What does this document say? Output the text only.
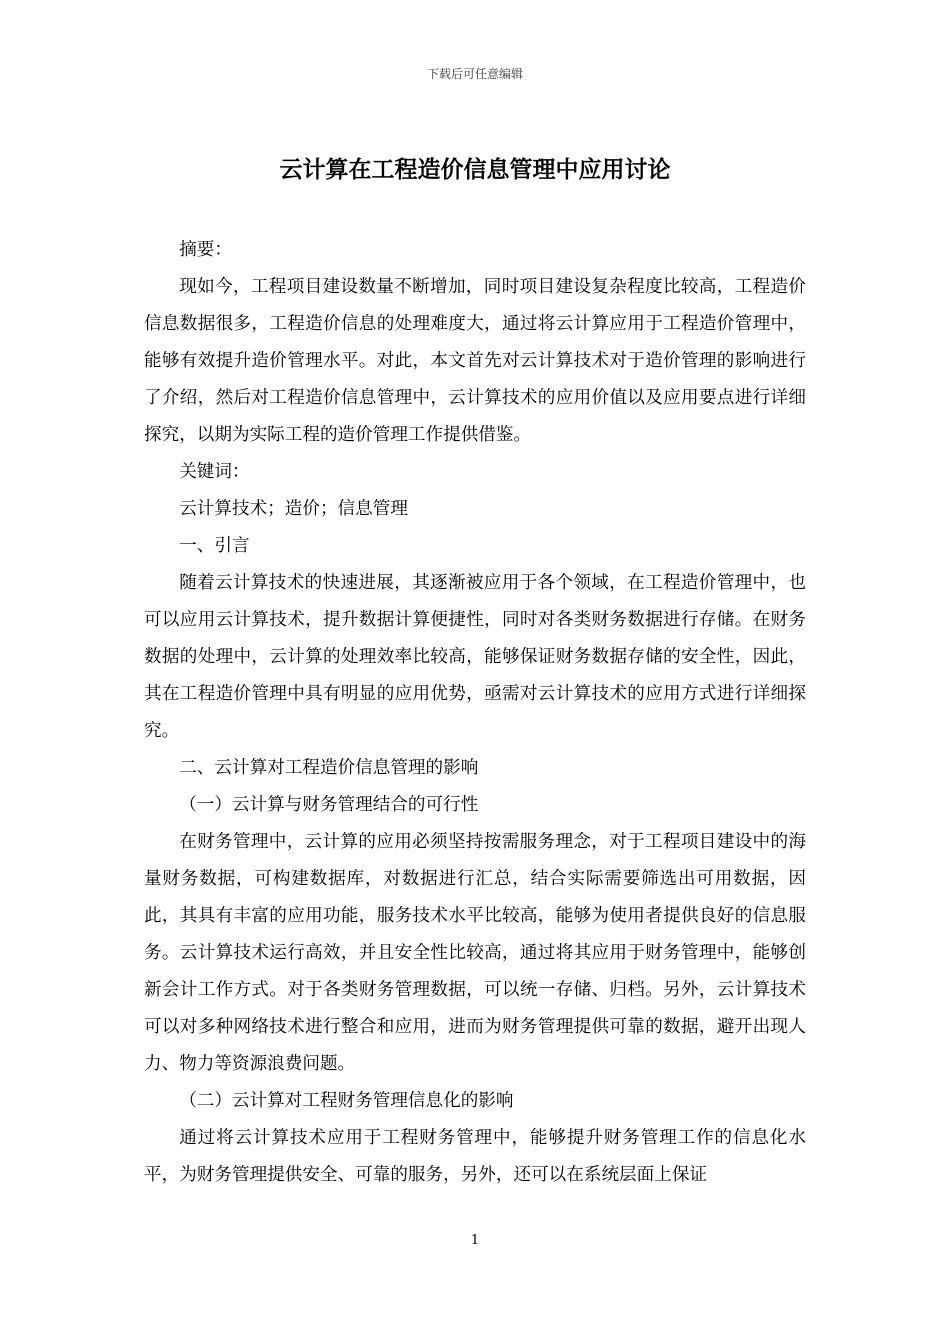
下载后可任意编辑
云计算在工程造价信息管理中应用讨论

摘要：

现如今，工程项目建设数量不断增加，同时项目建设复杂程度比较高，工程造价信息数据很多，工程造价信息的处理难度大，通过将云计算应用于工程造价管理中，能够有效提升造价管理水平。对此，本文首先对云计算技术对于造价管理的影响进行了介绍，然后对工程造价信息管理中，云计算技术的应用价值以及应用要点进行详细探究，以期为实际工程的造价管理工作提供借鉴。

关键词：

云计算技术；造价；信息管理

一、引言

随着云计算技术的快速进展，其逐渐被应用于各个领域，在工程造价管理中，也可以应用云计算技术，提升数据计算便捷性，同时对各类财务数据进行存储。在财务数据的处理中，云计算的处理效率比较高，能够保证财务数据存储的安全性，因此，其在工程造价管理中具有明显的应用优势，亟需对云计算技术的应用方式进行详细探究。

二、云计算对工程造价信息管理的影响

（一）云计算与财务管理结合的可行性

在财务管理中，云计算的应用必须坚持按需服务理念，对于工程项目建设中的海量财务数据，可构建数据库，对数据进行汇总，结合实际需要筛选出可用数据，因此，其具有丰富的应用功能，服务技术水平比较高，能够为使用者提供良好的信息服务。云计算技术运行高效，并且安全性比较高，通过将其应用于财务管理中，能够创新会计工作方式。对于各类财务管理数据，可以统一存储、归档。另外，云计算技术可以对多种网络技术进行整合和应用，进而为财务管理提供可靠的数据，避开出现人力、物力等资源浪费问题。

（二）云计算对工程财务管理信息化的影响

通过将云计算技术应用于工程财务管理中，能够提升财务管理工作的信息化水平，为财务管理提供安全、可靠的服务，另外，还可以在系统层面上保证

1
